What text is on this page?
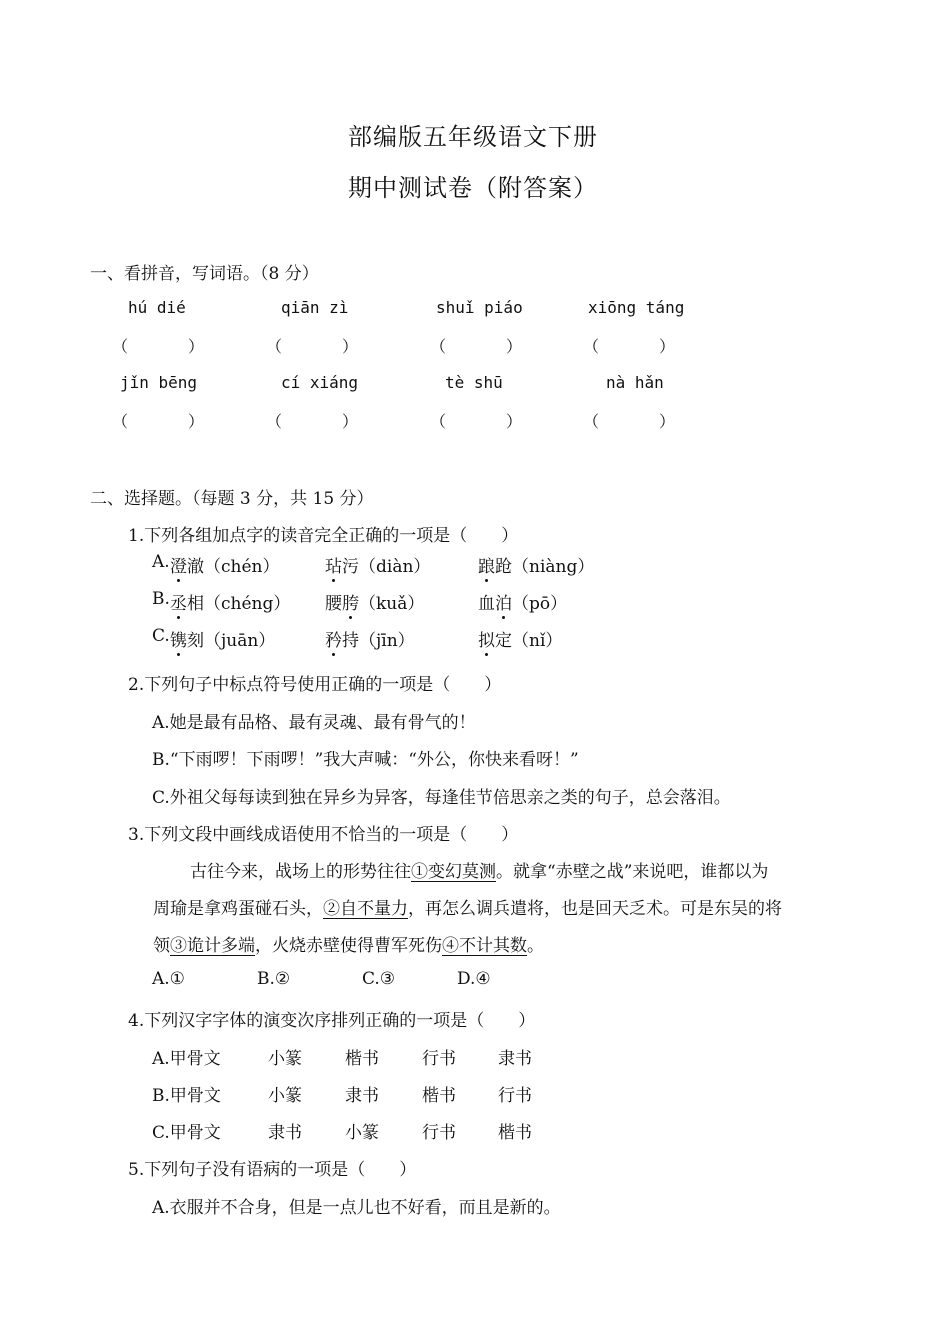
部编版五年级语文下册
期中测试卷（附答案）
一、看拼音，写词语。（8 分）
hú dié	qiān zì	shuǐ piáo	xiōng táng
（	）	（	）	（	）	（	）
jǐn bēng	cí xiáng	tè shū	nà hǎn
（	）	（	）	（	）	（	）
二、选择题。（每题 3 分，共 15 分）
1.下列各组加点字的读音完全正确的一项是（　　）
A. 澄澈（chén）	玷污（diàn）	踉跄（niàng）
B. 丞相（chéng） 腰胯（kuǎ）	血泊（pō）
C. 镌刻（juān）	矜持（jīn）	拟定（nǐ）
2.下列句子中标点符号使用正确的一项是（　　）
A.她是最有品格、最有灵魂、最有骨气的！
B.“下雨啰！下雨啰！”我大声喊：“外公，你快来看呀！”
C.外祖父每每读到独在异乡为异客，每逢佳节倍思亲之类的句子，总会落泪。
3.下列文段中画线成语使用不恰当的一项是（　　）
古往今来，战场上的形势往往①变幻莫测。就拿“赤壁之战”来说吧，谁都以为
周瑜是拿鸡蛋碰石头，②自不量力，再怎么调兵遣将，也是回天乏术。可是东吴的将
领③诡计多端，火烧赤壁使得曹军死伤④不计其数。
A.①	B.②	C.③	D.④
4.下列汉字字体的演变次序排列正确的一项是（　　）
A.甲骨文	小篆	楷书	行书 隶书
B.甲骨文	小篆	隶书	楷书 行书
C.甲骨文	隶书	小篆	行书 楷书
5.下列句子没有语病的一项是（　　）
A.衣服并不合身，但是一点儿也不好看，而且是新的。
